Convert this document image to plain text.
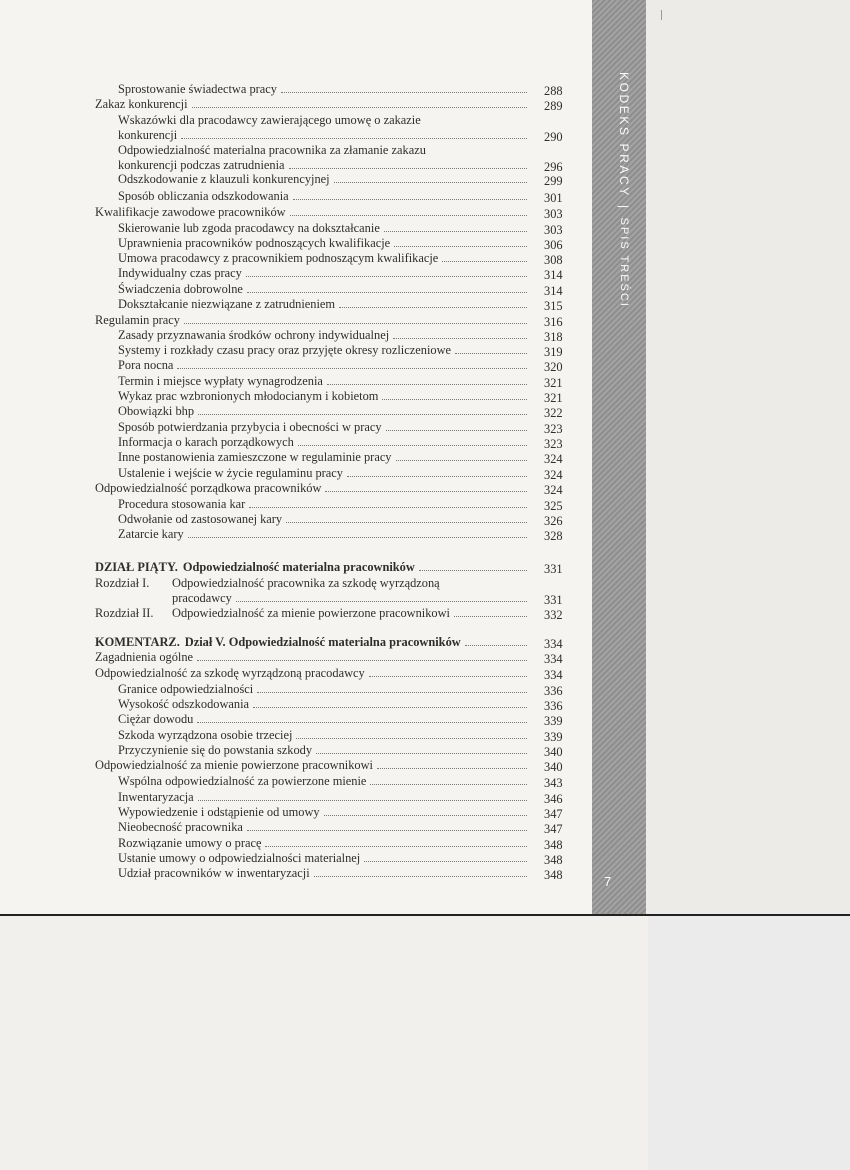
KODEKS PRACY|SPIS TREŚCI
7
Sprostowanie świadectwa pracy	288
Zakaz konkurencji	289
Wskazówki dla pracodawcy zawierającego umowę o zakazie
konkurencji	290
Odpowiedzialność materialna pracownika za złamanie zakazu
konkurencji podczas zatrudnienia	296
Odszkodowanie z klauzuli konkurencyjnej	299
Sposób obliczania odszkodowania	301
Kwalifikacje zawodowe pracowników	303
Skierowanie lub zgoda pracodawcy na dokształcanie	303
Uprawnienia pracowników podnoszących kwalifikacje	306
Umowa pracodawcy z pracownikiem podnoszącym kwalifikacje	308
Indywidualny czas pracy	314
Świadczenia dobrowolne	314
Dokształcanie niezwiązane z zatrudnieniem	315
Regulamin pracy	316
Zasady przyznawania środków ochrony indywidualnej	318
Systemy i rozkłady czasu pracy oraz przyjęte okresy rozliczeniowe	319
Pora nocna	320
Termin i miejsce wypłaty wynagrodzenia	321
Wykaz prac wzbronionych młodocianym i kobietom	321
Obowiązki bhp	322
Sposób potwierdzania przybycia i obecności w pracy	323
Informacja o karach porządkowych	323
Inne postanowienia zamieszczone w regulaminie pracy	324
Ustalenie i wejście w życie regulaminu pracy	324
Odpowiedzialność porządkowa pracowników	324
Procedura stosowania kar	325
Odwołanie od zastosowanej kary	326
Zatarcie kary	328
DZIAŁ PIĄTY. Odpowiedzialność materialna pracowników	331
Rozdział I. Odpowiedzialność pracownika za szkodę wyrządzoną
pracodawcy	331
Rozdział II. Odpowiedzialność za mienie powierzone pracownikowi	332
KOMENTARZ. Dział V. Odpowiedzialność materialna pracowników	334
Zagadnienia ogólne	334
Odpowiedzialność za szkodę wyrządzoną pracodawcy	334
Granice odpowiedzialności	336
Wysokość odszkodowania	336
Ciężar dowodu	339
Szkoda wyrządzona osobie trzeciej	339
Przyczynienie się do powstania szkody	340
Odpowiedzialność za mienie powierzone pracownikowi	340
Wspólna odpowiedzialność za powierzone mienie	343
Inwentaryzacja	346
Wypowiedzenie i odstąpienie od umowy	347
Nieobecność pracownika	347
Rozwiązanie umowy o pracę	348
Ustanie umowy o odpowiedzialności materialnej	348
Udział pracowników w inwentaryzacji	348
